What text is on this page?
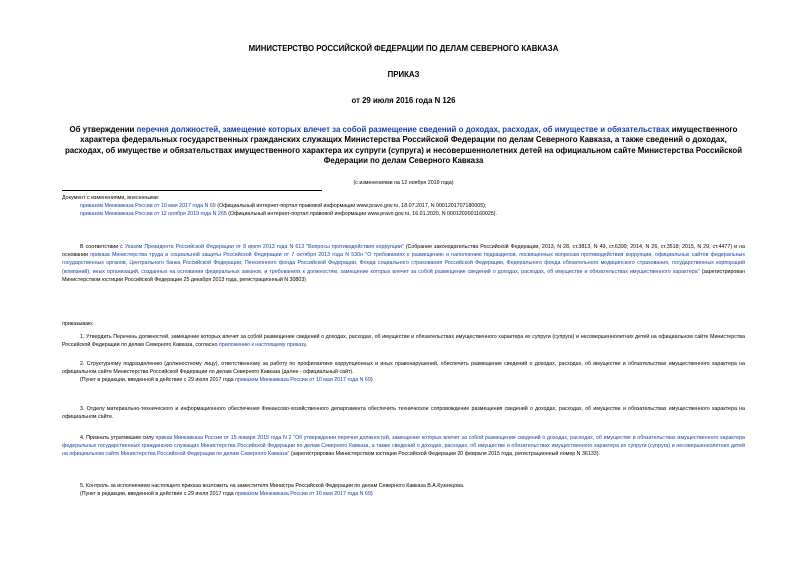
МИНИСТЕРСТВО РОССИЙСКОЙ ФЕДЕРАЦИИ ПО ДЕЛАМ СЕВЕРНОГО КАВКАЗА
ПРИКАЗ
от 29 июля 2016 года N 126
Об утверждении перечня должностей, замещение которых влечет за собой размещение сведений о доходах, расходах, об имуществе и обязательствах имущественного характера федеральных государственных гражданских служащих Министерства Российской Федерации по делам Северного Кавказа, а также сведений о доходах, расходах, об имуществе и обязательствах имущественного характера их супруги (супруга) и несовершеннолетних детей на официальном сайте Министерства Российской Федерации по делам Северного Кавказа
(с изменениями на 12 ноября 2019 года)

Документ с изменениями, внесенными:

приказом Минкавказа России от 10 мая 2017 года N 69 (Официальный интернет-портал правовой информации www.pravo.gov.ru, 18.07.2017, N 0001201707180005);

приказом Минкавказа России от 12 ноября 2019 года N 265 (Официальный интернет-портал правовой информации www.pravo.gov.ru, 16.01.2020, N 0001202001160025).

В соответствии с Указом Президента Российской Федерации от 8 июля 2013 года N 613 "Вопросы противодействия коррупции" (Собрание законодательства Российской Федерации, 2013, N 28, ст.3813, N 49, ст.6399; 2014, N 26, ст.3518; 2015, N 29, ст.4477) и на основании приказа Министерства труда и социальной защиты Российской Федерации от 7 октября 2013 года N 530н "О требованиях к размещению и наполнению подразделов, посвященных вопросам противодействия коррупции, официальных сайтов федеральных государственных органов, Центрального банка Российской Федерации, Пенсионного фонда Российской Федерации, Фонда социального страхования Российской Федерации, Федерального фонда обязательного медицинского страхования, государственных корпораций (компаний), иных организаций, созданных на основании федеральных законов, и требованиях к должностям, замещение которых влечет за собой размещение сведений о доходах, расходах, об имуществе и обязательствах имущественного характера" (зарегистрирован Министерством юстиции Российской Федерации 25 декабря 2013 года, регистрационный N 30803)
приказываю:
1. Утвердить Перечень должностей, замещение которых влечет за собой размещение сведений о доходах, расходах, об имуществе и обязательствах имущественного характера их супруги (супруга) и несовершеннолетних детей на официальном сайте Министерства Российской Федерации по делам Северного Кавказа, согласно приложению к настоящему приказу.

2. Структурному подразделению (должностному лицу), ответственному за работу по профилактике коррупционных и иных правонарушений, обеспечить размещение сведений о доходах, расходах, об имуществе и обязательствах имущественного характера на официальном сайте Министерства Российской Федерации по делам Северного Кавказа (далее - официальный сайт).

(Пункт в редакции, введенной в действие с 29 июля 2017 года приказом Минкавказа России от 10 мая 2017 года N 69)

3. Отделу материально-технического и информационного обеспечения Финансово-хозяйственного департамента обеспечить техническое сопровождение размещения сведений о доходах, расходах, об имуществе и обязательствах имущественного характера на официальном сайте.
4. Признать утратившим силу приказ Минкавказа России от 15 января 2015 года N 2 "Об утверждении перечня должностей, замещение которых влечет за собой размещение сведений о доходах, расходах, об имуществе и обязательствах имущественного характера федеральных государственных гражданских служащих Министерства Российской Федерации по делам Северного Кавказа, а также сведений о доходах, расходах, об имуществе и обязательствах имущественного характера их супруги (супруга) и несовершеннолетних детей на официальном сайте Министерства Российской Федерации по делам Северного Кавказа" (зарегистрирован Министерством юстиции Российской Федерации 20 февраля 2015 года, регистрационный номер N 36133).

5. Контроль за исполнением настоящего приказа возложить на заместителя Министра Российской Федерации по делам Северного Кавказа В.А.Кузнецова.

(Пункт в редакции, введенной в действие с 29 июля 2017 года приказом Минкавказа России от 10 мая 2017 года N 69)
